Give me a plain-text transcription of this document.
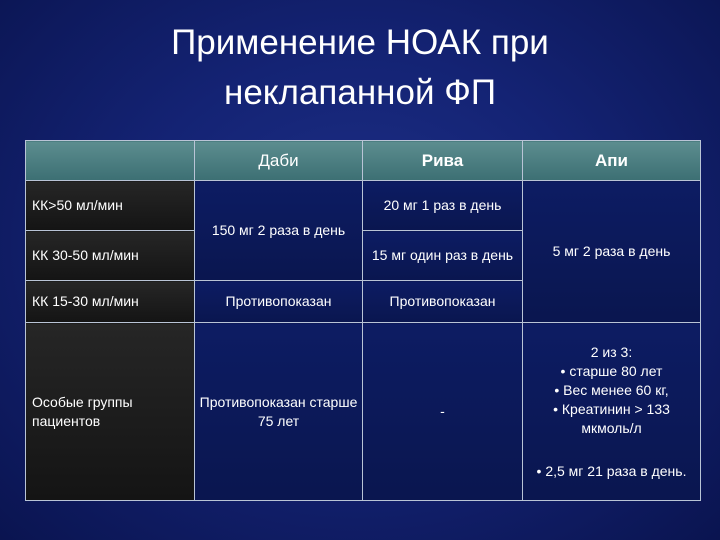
Применение НОАК при
неклапанной ФП
	Даби	Рива	Апи
КК>50 мл/мин	150 мг 2 раза в день	20 мг 1 раз в день	5 мг 2 раза в день
КК 30-50 мл/мин		15 мг один раз в день	
КК 15-30 мл/мин	Противопоказан	Противопоказан	
Особые группы пациентов	Противопоказан старше 75 лет	-	2 из 3:
• старше 80 лет
• Вес менее 60 кг,
• Креатинин > 133 мкмоль/л
• 2,5 мг 21 раза в день.
